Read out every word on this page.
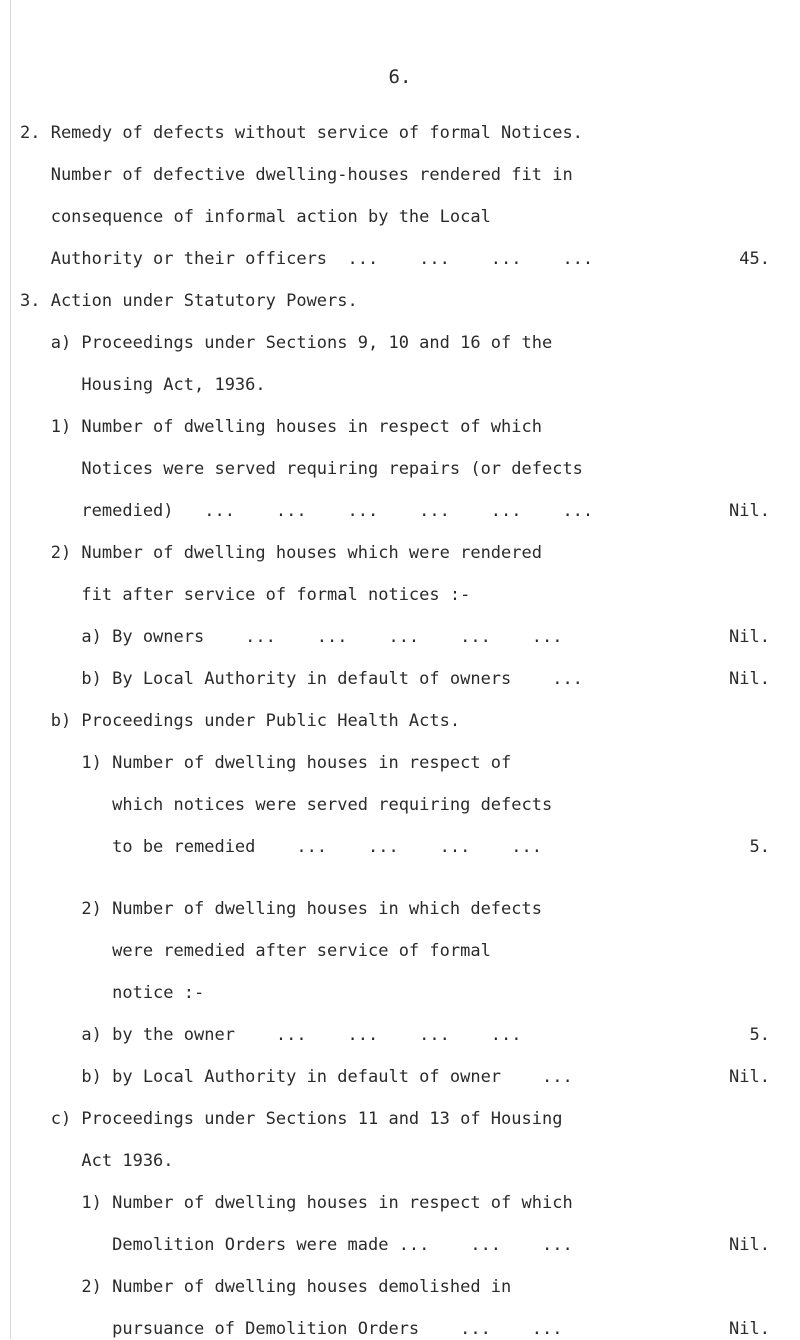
6.
2. Remedy of defects without service of formal Notices.
Number of defective dwelling-houses rendered fit in
consequence of informal action by the Local
Authority or their officers  ...    ...    ...    ...	45.
3. Action under Statutory Powers.
a) Proceedings under Sections 9, 10 and 16 of the
Housing Act, 1936.
1) Number of dwelling houses in respect of which
Notices were served requiring repairs (or defects
remedied)   ...    ...    ...    ...    ...    ...	Nil.
2) Number of dwelling houses which were rendered
fit after service of formal notices :-
a) By owners    ...    ...    ...    ...    ...	Nil.
b) By Local Authority in default of owners    ...	Nil.
b) Proceedings under Public Health Acts.
1) Number of dwelling houses in respect of
which notices were served requiring defects
to be remedied    ...    ...    ...    ...	5.
2) Number of dwelling houses in which defects
were remedied after service of formal
notice :-
a) by the owner    ...    ...    ...    ...	5.
b) by Local Authority in default of owner    ...	Nil.
c) Proceedings under Sections 11 and 13 of Housing
Act 1936.
1) Number of dwelling houses in respect of which
Demolition Orders were made ...    ...    ...	Nil.
2) Number of dwelling houses demolished in
pursuance of Demolition Orders    ...    ...	Nil.
